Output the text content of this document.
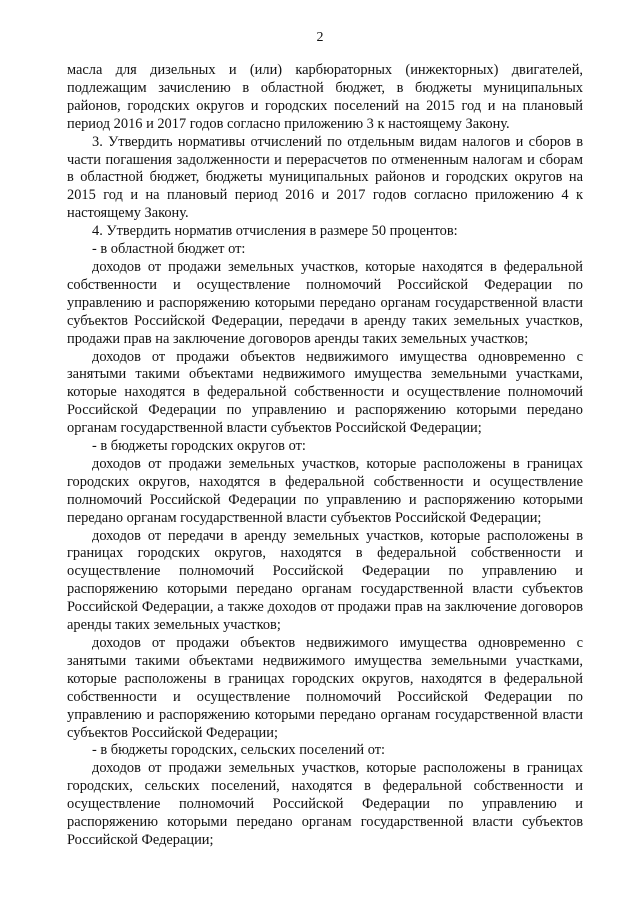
2

масла для дизельных и (или) карбюраторных (инжекторных) двигателей, подлежащим зачислению в областной бюджет, в бюджеты муниципальных районов, городских округов и городских поселений на 2015 год и на плановый период 2016 и 2017 годов согласно приложению 3 к настоящему Закону.

3. Утвердить нормативы отчислений по отдельным видам налогов и сборов в части погашения задолженности и перерасчетов по отмененным налогам и сборам в областной бюджет, бюджеты муниципальных районов и городских округов на 2015 год и на плановый период 2016 и 2017 годов согласно приложению 4 к настоящему Закону.

4. Утвердить норматив отчисления в размере 50 процентов:

- в областной бюджет от:

доходов от продажи земельных участков, которые находятся в федеральной собственности и осуществление полномочий Российской Федерации по управлению и распоряжению которыми передано органам государственной власти субъектов Российской Федерации, передачи в аренду таких земельных участков, продажи прав на заключение договоров аренды таких земельных участков;

доходов от продажи объектов недвижимого имущества одновременно с занятыми такими объектами недвижимого имущества земельными участками, которые находятся в федеральной собственности и осуществление полномочий Российской Федерации по управлению и распоряжению которыми передано органам государственной власти субъектов Российской Федерации;

- в бюджеты городских округов от:

доходов от продажи земельных участков, которые расположены в границах городских округов, находятся в федеральной собственности и осуществление полномочий Российской Федерации по управлению и распоряжению которыми передано органам государственной власти субъектов Российской Федерации;

доходов от передачи в аренду земельных участков, которые расположены в границах городских округов, находятся в федеральной собственности и осуществление полномочий Российской Федерации по управлению и распоряжению которыми передано органам государственной власти субъектов Российской Федерации, а также доходов от продажи прав на заключение договоров аренды таких земельных участков;

доходов от продажи объектов недвижимого имущества одновременно с занятыми такими объектами недвижимого имущества земельными участками, которые расположены в границах городских округов, находятся в федеральной собственности и осуществление полномочий Российской Федерации по управлению и распоряжению которыми передано органам государственной власти субъектов Российской Федерации;

- в бюджеты городских, сельских поселений от:

доходов от продажи земельных участков, которые расположены в границах городских, сельских поселений, находятся в федеральной собственности и осуществление полномочий Российской Федерации по управлению и распоряжению которыми передано органам государственной власти субъектов Российской Федерации;
